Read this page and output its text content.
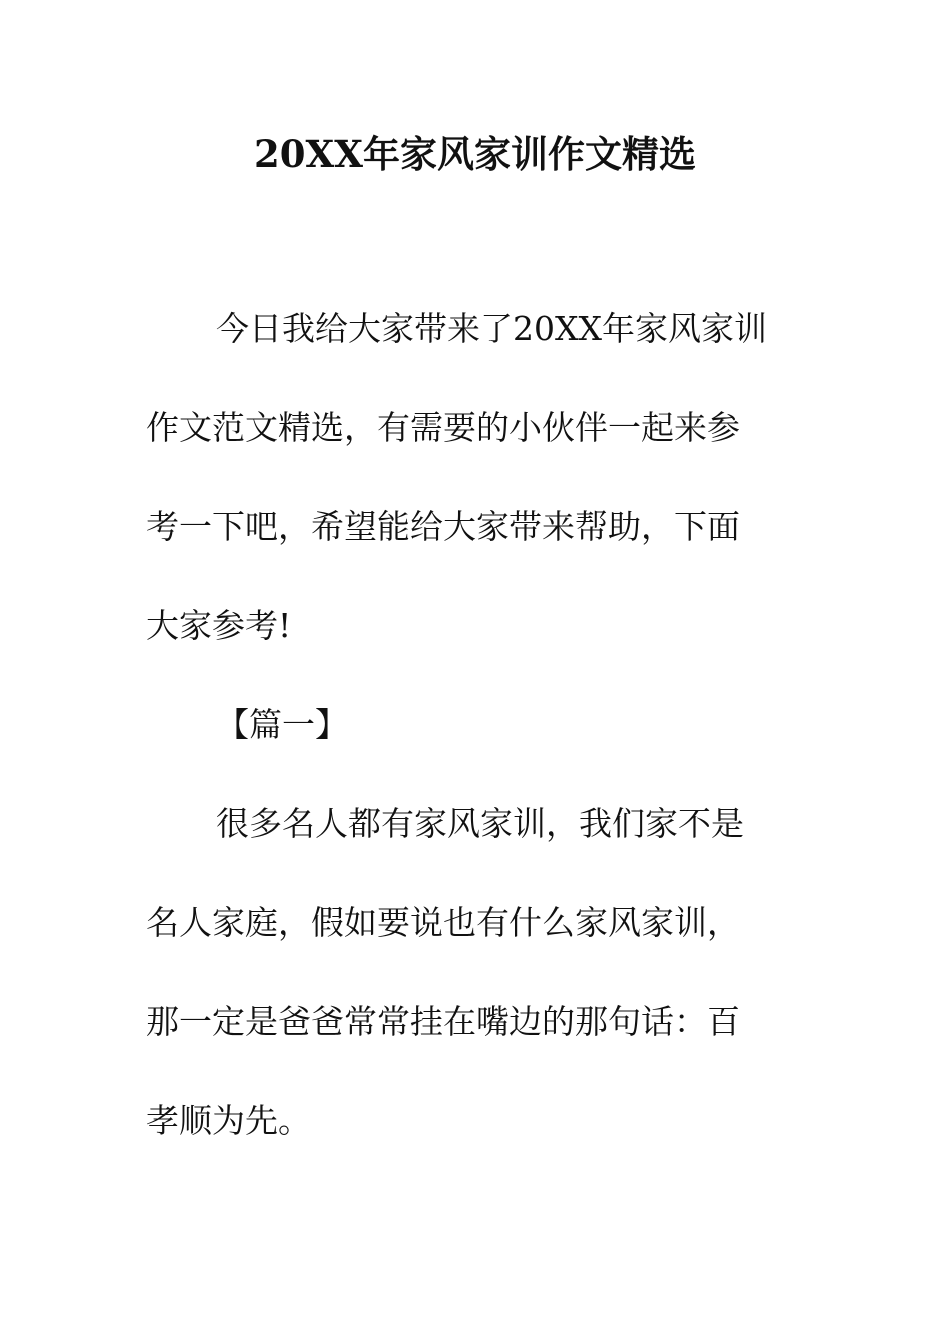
20XX年家风家训作文精选
今日我给大家带来了20XX年家风家训
作文范文精选，有需要的小伙伴一起来参
考一下吧，希望能给大家带来帮助，下面
大家参考!
【篇一】
很多名人都有家风家训，我们家不是
名人家庭，假如要说也有什么家风家训，
那一定是爸爸常常挂在嘴边的那句话：百
孝顺为先。
